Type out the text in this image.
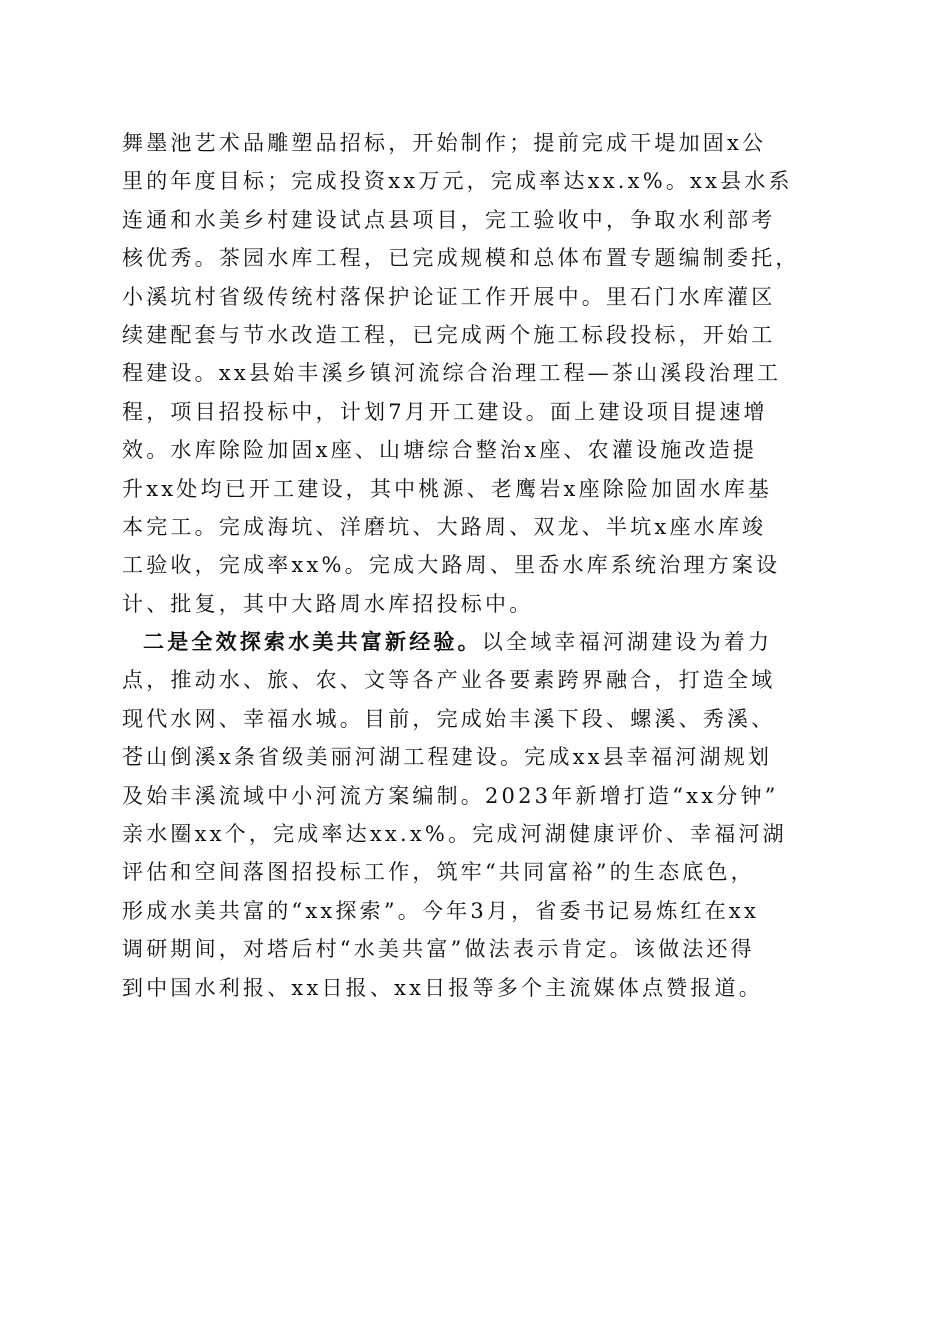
舞墨池艺术品雕塑品招标，开始制作；提前完成干堤加固x公
里的年度目标；完成投资xx万元，完成率达xx.x%。xx县水系
连通和水美乡村建设试点县项目，完工验收中，争取水利部考
核优秀。茶园水库工程，已完成规模和总体布置专题编制委托，
小溪坑村省级传统村落保护论证工作开展中。里石门水库灌区
续建配套与节水改造工程，已完成两个施工标段投标，开始工
程建设。xx县始丰溪乡镇河流综合治理工程—茶山溪段治理工
程，项目招投标中，计划7月开工建设。面上建设项目提速增
效。水库除险加固x座、山塘综合整治x座、农灌设施改造提
升xx处均已开工建设，其中桃源、老鹰岩x座除险加固水库基
本完工。完成海坑、洋磨坑、大路周、双龙、半坑x座水库竣
工验收，完成率xx%。完成大路周、里岙水库系统治理方案设
计、批复，其中大路周水库招投标中。
二是全效探索水美共富新经验。以全域幸福河湖建设为着力
点，推动水、旅、农、文等各产业各要素跨界融合，打造全域
现代水网、幸福水城。目前，完成始丰溪下段、螺溪、秀溪、
苍山倒溪x条省级美丽河湖工程建设。完成xx县幸福河湖规划
及始丰溪流域中小河流方案编制。2023年新增打造“xx分钟”
亲水圈xx个，完成率达xx.x%。完成河湖健康评价、幸福河湖
评估和空间落图招投标工作，筑牢“共同富裕”的生态底色，
形成水美共富的“xx探索”。今年3月，省委书记易炼红在xx
调研期间，对塔后村“水美共富”做法表示肯定。该做法还得
到中国水利报、xx日报、xx日报等多个主流媒体点赞报道。
